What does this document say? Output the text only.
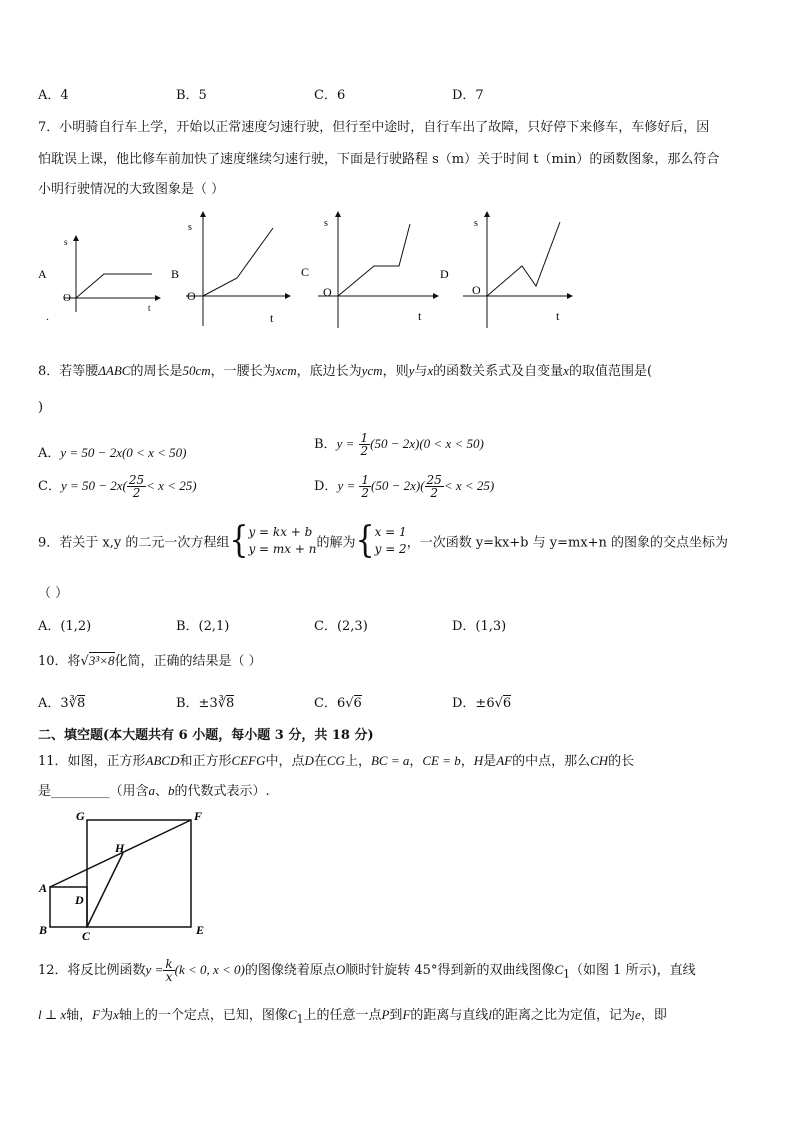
A．4	B．5	C．6	D．7
7．小明骑自行车上学，开始以正常速度匀速行驶，但行至中途时，自行车出了故障，只好停下来修车，车修好后，因
怕耽误上课，他比修车前加快了速度继续匀速行驶，下面是行驶路程 s（m）关于时间 t（min）的函数图象，那么符合
小明行驶情况的大致图象是（ ）
A
.
s
t
O
B
s
t
O
C
s
t
O
D
s
t
O
8．若等腰ΔABC的周长是50cm，一腰长为xcm，底边长为ycm，则y与x的函数关系式及自变量x的取值范围是(
)
A．y = 50 − 2x(0 < x < 50)
B．$y = \frac{1}{2} (50 - 2x)(0 < x < 50)$
C．$y = 50 - 2x( \frac{25}{2} < x < 25)$	D．$y = \frac{1}{2} (50 - 2x)( \frac{25}{2} < x < 25)$
9．若关于 x,y 的二元一次方程组{y = kx + b
y = mx + n的解为{x = 1
y = 2，一次函数 y=kx+b 与 y=mx+n 的图象的交点坐标为
（ ）
A．(1,2)	B．(2,1)	C．(2,3)	D．(1,3)
10．将√3³×8化简，正确的结果是（ ）
A．3∛8	B．±3∛8	C．6√6	D．±6√6
二、填空题(本大题共有 6 小题，每小题 3 分，共 18 分)
11．如图，正方形ABCD和正方形CEFG中，点D在CG上，BC = a，CE = b，H是AF的中点，那么CH的长
是_________（用含a、b的代数式表示）.
G	F
H
A
D
B	C	E
12．将反比例函数$y = \frac{k}{x} (k < 0$, x < 0)的图像绕着原点O顺时针旋转 45°得到新的双曲线图像$C_1$（如图 1 所示)，直线
l ⊥ x轴，F为x轴上的一个定点，已知，图像$C_1$上的任意一点P到F的距离与直线l的距离之比为定值，记为e，即
